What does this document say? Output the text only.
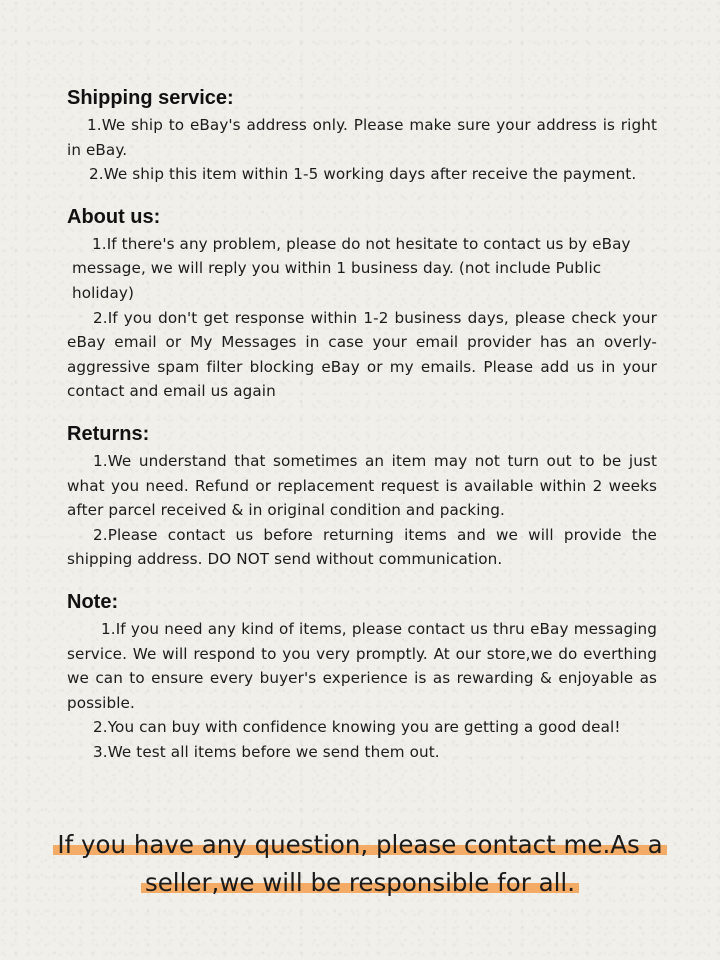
Shipping service:

1.We ship to eBay's address only. Please make sure your address is right in eBay.

2.We ship this item within 1-5 working days after receive the payment.

About us:

1.If there's any problem, please do not hesitate to contact us by eBay message, we will reply you within 1 business day. (not include Public holiday)

2.If you don't get response within 1-2 business days, please check your eBay email or My Messages in case your email provider has an overly-aggressive spam filter blocking eBay or my emails. Please add us in your contact and email us again

Returns:

1.We understand that sometimes an item may not turn out to be just what you need. Refund or replacement request is available within 2 weeks after parcel received & in original condition and packing.

2.Please contact us before returning items and we will provide the shipping address. DO NOT send without communication.

Note:

1.If you need any kind of items, please contact us thru eBay messaging service. We will respond to you very promptly. At our store,we do everthing we can to ensure every buyer's experience is as rewarding & enjoyable as possible.

2.You can buy with confidence knowing you are getting a good deal!

3.We test all items before we send them out.

If you have any question, please contact me.As a
seller,we will be responsible for all.
